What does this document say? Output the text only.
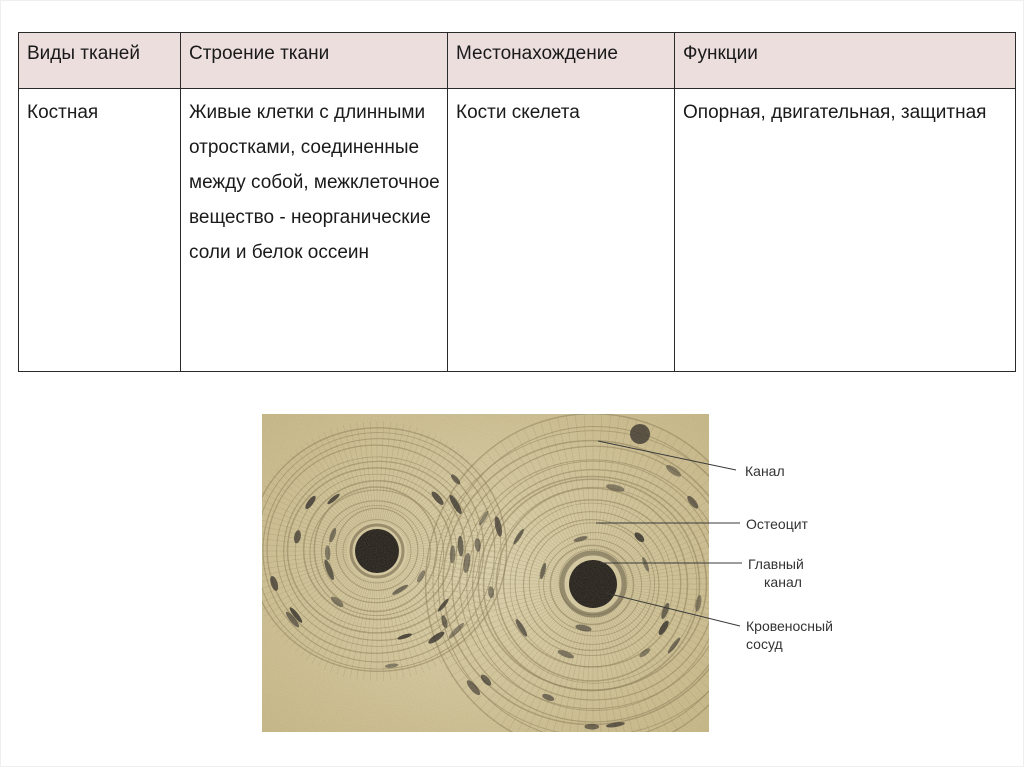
Виды тканей	Строение ткани	Местонахождение	Функции
Костная	Живые клетки с длинными отростками, соединенные между собой, межклеточное вещество - неорганические соли и белок оссеин	Кости скелета	Опорная, двигательная, защитная
Канал
Остеоцит
Главный
канал
Кровеносный
сосуд
